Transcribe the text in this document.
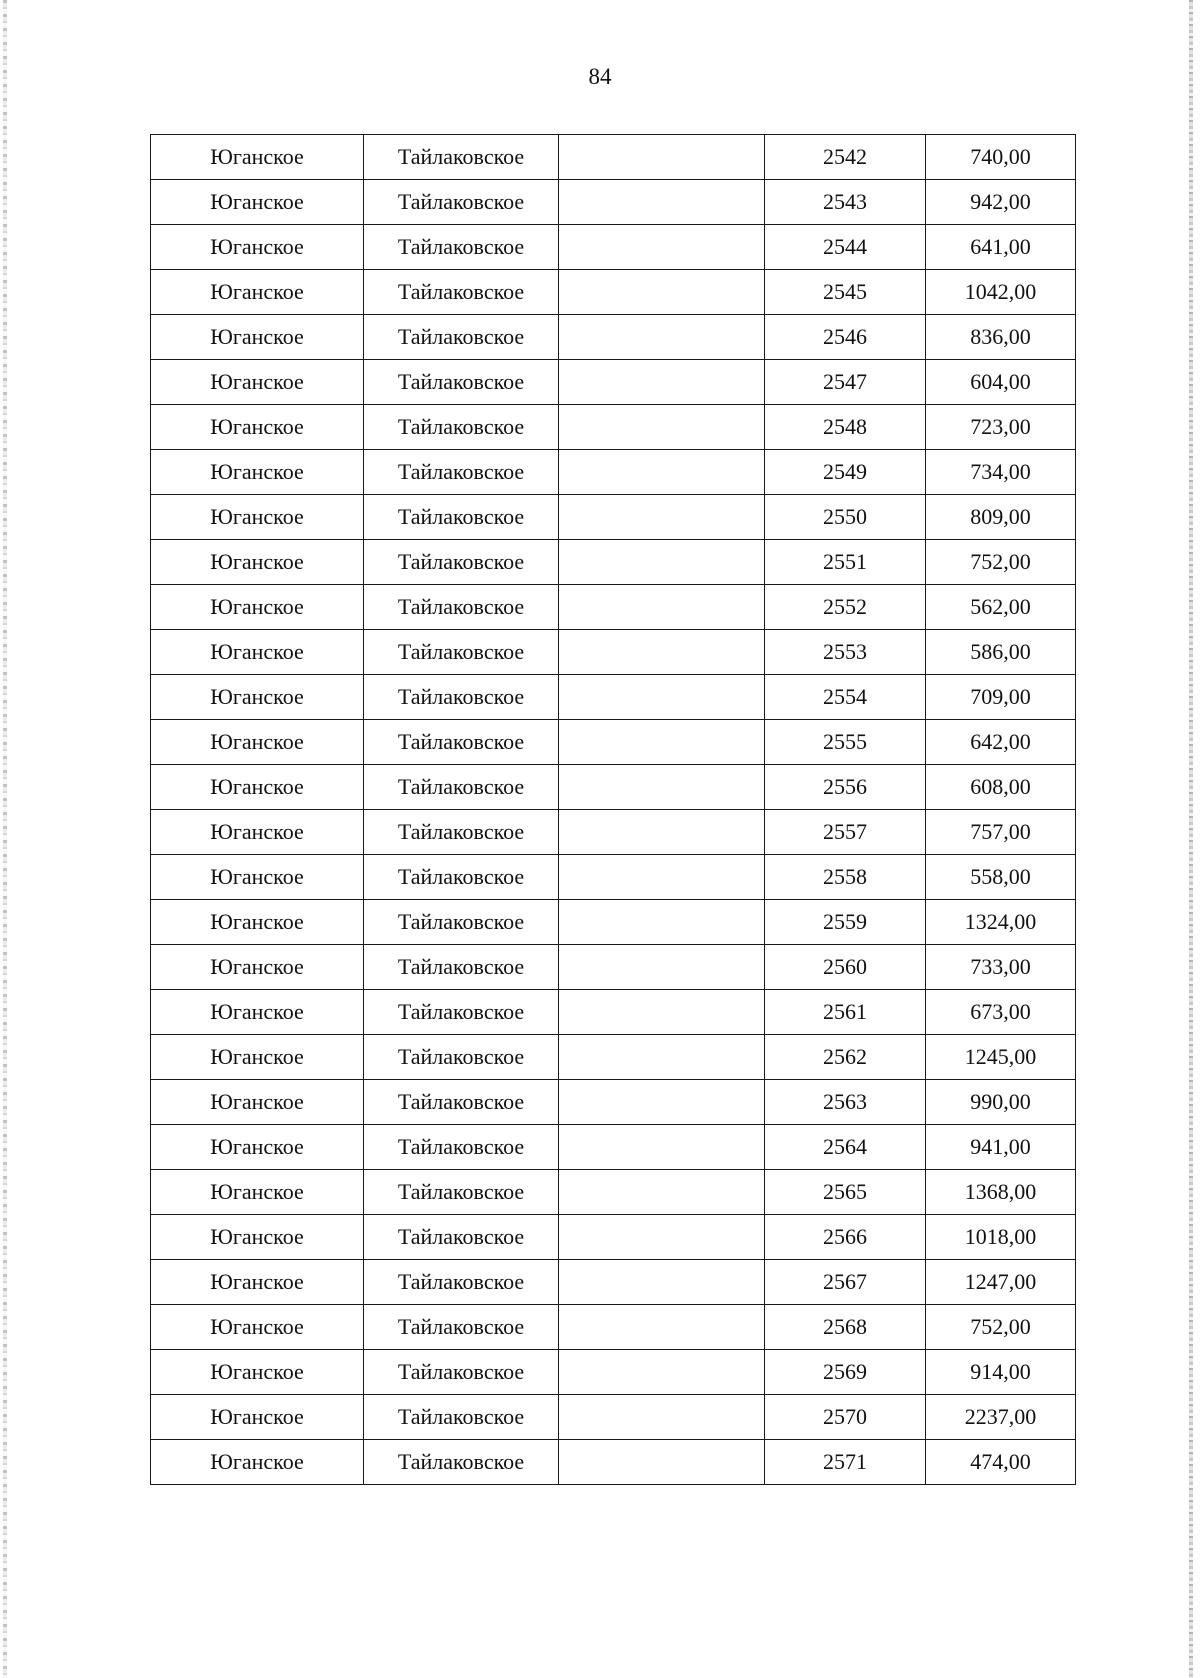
84
Юганское	Тайлаковское		2542	740,00
Юганское	Тайлаковское		2543	942,00
Юганское	Тайлаковское		2544	641,00
Юганское	Тайлаковское		2545	1042,00
Юганское	Тайлаковское		2546	836,00
Юганское	Тайлаковское		2547	604,00
Юганское	Тайлаковское		2548	723,00
Юганское	Тайлаковское		2549	734,00
Юганское	Тайлаковское		2550	809,00
Юганское	Тайлаковское		2551	752,00
Юганское	Тайлаковское		2552	562,00
Юганское	Тайлаковское		2553	586,00
Юганское	Тайлаковское		2554	709,00
Юганское	Тайлаковское		2555	642,00
Юганское	Тайлаковское		2556	608,00
Юганское	Тайлаковское		2557	757,00
Юганское	Тайлаковское		2558	558,00
Юганское	Тайлаковское		2559	1324,00
Юганское	Тайлаковское		2560	733,00
Юганское	Тайлаковское		2561	673,00
Юганское	Тайлаковское		2562	1245,00
Юганское	Тайлаковское		2563	990,00
Юганское	Тайлаковское		2564	941,00
Юганское	Тайлаковское		2565	1368,00
Юганское	Тайлаковское		2566	1018,00
Юганское	Тайлаковское		2567	1247,00
Юганское	Тайлаковское		2568	752,00
Юганское	Тайлаковское		2569	914,00
Юганское	Тайлаковское		2570	2237,00
Юганское	Тайлаковское		2571	474,00
